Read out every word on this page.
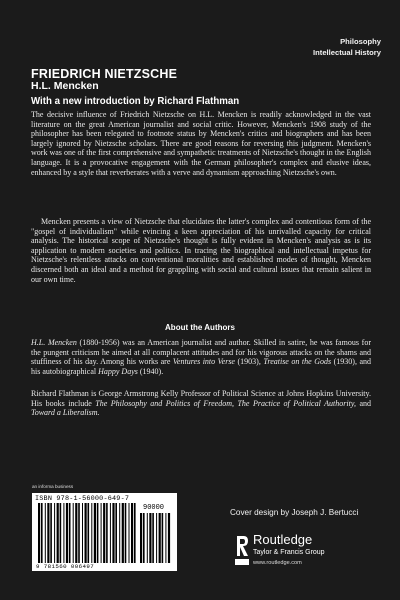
Philosophy
Intellectual History
FRIEDRICH NIETZSCHE
H.L. Mencken
With a new introduction by Richard Flathman
The decisive influence of Friedrich Nietzsche on H.L. Mencken is readily acknowledged in the vast literature on the great American journalist and social critic. However, Mencken's 1908 study of the philosopher has been relegated to footnote status by Mencken's critics and biographers and has been largely ignored by Nietzsche scholars. There are good reasons for reversing this judgment. Mencken's work was one of the first comprehensive and sympathetic treatments of Nietzsche's thought in the English language. It is a provocative engagement with the German philosopher's complex and elusive ideas, enhanced by a style that reverberates with a verve and dynamism approaching Nietzsche's own.
Mencken presents a view of Nietzsche that elucidates the latter's complex and contentious form of the "gospel of individualism" while evincing a keen appreciation of his unrivalled capacity for critical analysis. The historical scope of Nietzsche's thought is fully evident in Mencken's analysis as is its application to modern societies and politics. In tracing the biographical and intellectual impetus for Nietzsche's relentless attacks on conventional moralities and established modes of thought, Mencken discerned both an ideal and a method for grappling with social and cultural issues that remain salient in our own time.
About the Authors

H.L. Mencken (1880-1956) was an American journalist and author. Skilled in satire, he was famous for the pungent criticism he aimed at all complacent attitudes and for his vigorous attacks on the shams and stuffiness of his day. Among his works are Ventures into Verse (1903), Treatise on the Gods (1930), and his autobiographical Happy Days (1940).

Richard Flathman is George Armstrong Kelly Professor of Political Science at Johns Hopkins University. His books include The Philosophy and Politics of Freedom, The Practice of Political Authority, and Toward a Liberalism.

an informa business
ISBN 978-1-56000-649-7
90000
9 781560 006497
Cover design by Joseph J. Bertucci
Routledge
Taylor & Francis Group
www.routledge.com
